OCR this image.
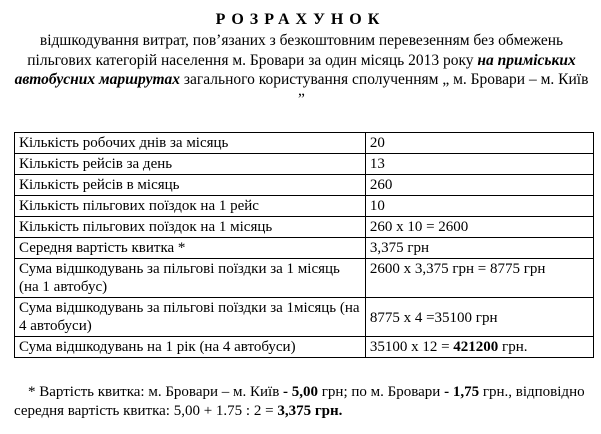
РОЗРАХУНОК
відшкодування витрат, пов’язаних з безкоштовним перевезенням без обмежень пільгових категорій населення м. Бровари за один місяць 2013 року на приміських автобусних маршрутах загального користування сполученням „ м. Бровари – м. Київ ”
Кількість робочих днів за місяць	20
Кількість рейсів за день	13
Кількість рейсів в місяць	260
Кількість пільгових поїздок на 1 рейс	10
Кількість пільгових поїздок на 1 місяць	260 х 10 = 2600
Середня вартість квитка *	3,375 грн
Сума відшкодувань за пільгові поїздки за 1 місяць (на 1 автобус)	2600 х 3,375 грн = 8775 грн
Сума відшкодувань за пільгові поїздки за 1місяць (на 4 автобуси)	8775 х 4 =35100 грн
Сума відшкодувань на 1 рік (на 4 автобуси)	35100 х 12 = 421200 грн.
* Вартість квитка: м. Бровари – м. Київ - 5,00 грн; по м. Бровари - 1,75 грн., відповідно середня вартість квитка: 5,00 + 1.75 : 2 = 3,375 грн.
